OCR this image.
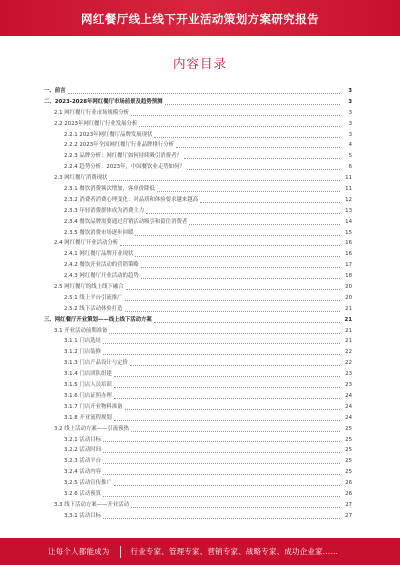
网红餐厅线上线下开业活动策划方案研究报告
内容目录
一、前言	3
二、2023-2028年网红餐厅市场前景及趋势预测	3
2.1 网红餐厅行业市场规模分析	3
2.2 2023年网红餐厅行业发展分析	3
2.2.1 2023年网红餐厅品牌发展现状	3
2.2.2 2023年全国网红餐厅行业品牌排行分析	4
2.2.3 品牌分析：网红餐厅如何持续吸引消费者？	5
2.2.4 趋势分析：2023年，中国餐饮业走势如何？	6
2.3 网红餐厅消费现状	11
2.3.1 餐饮消费频次增加，客单价降低	11
2.3.2 消费者消费心理变化：对品质和体验要求越来越高	12
2.3.3 年轻消费群体成为消费主力	13
2.3.4 餐饮品牌需要通过营销活动吸引和留住消费者	14
2.3.5 餐饮消费市场逐步回暖	15
2.4 网红餐厅开业活动分析	16
2.4.1 网红餐厅品牌开业现状	16
2.4.2 餐饮开业活动的营销策略	17
2.4.3 网红餐厅开业活动的趋势	18
2.5 网红餐厅的线上线下融合	20
2.5.1 线上平台引流推广	20
2.5.2 线下活动体验打造	21
三、网红餐厅开业策划——线上线下活动方案	21
3.1 开业活动前期准备	21
3.1.1 门店选址	21
3.1.2 门店装修	22
3.1.3 门店产品设计与定价	22
3.1.4 门店团队组建	23
3.1.5 门店人员培训	23
3.1.6 门店证照办理	24
3.1.7 门店开业物料准备	24
3.1.8 开业流程规划	24
3.2 线上活动方案——引流预热	25
3.2.1 活动目标	25
3.2.2 活动时间	25
3.2.3 活动平台	25
3.2.4 活动内容	25
3.2.5 活动宣传推广	26
3.2.6 活动预算	26
3.3 线下活动方案——开业活动	27
3.3.1 活动目标	27
让每个人都能成为	行业专家、管理专家、营销专家、战略专家、成功企业家……
